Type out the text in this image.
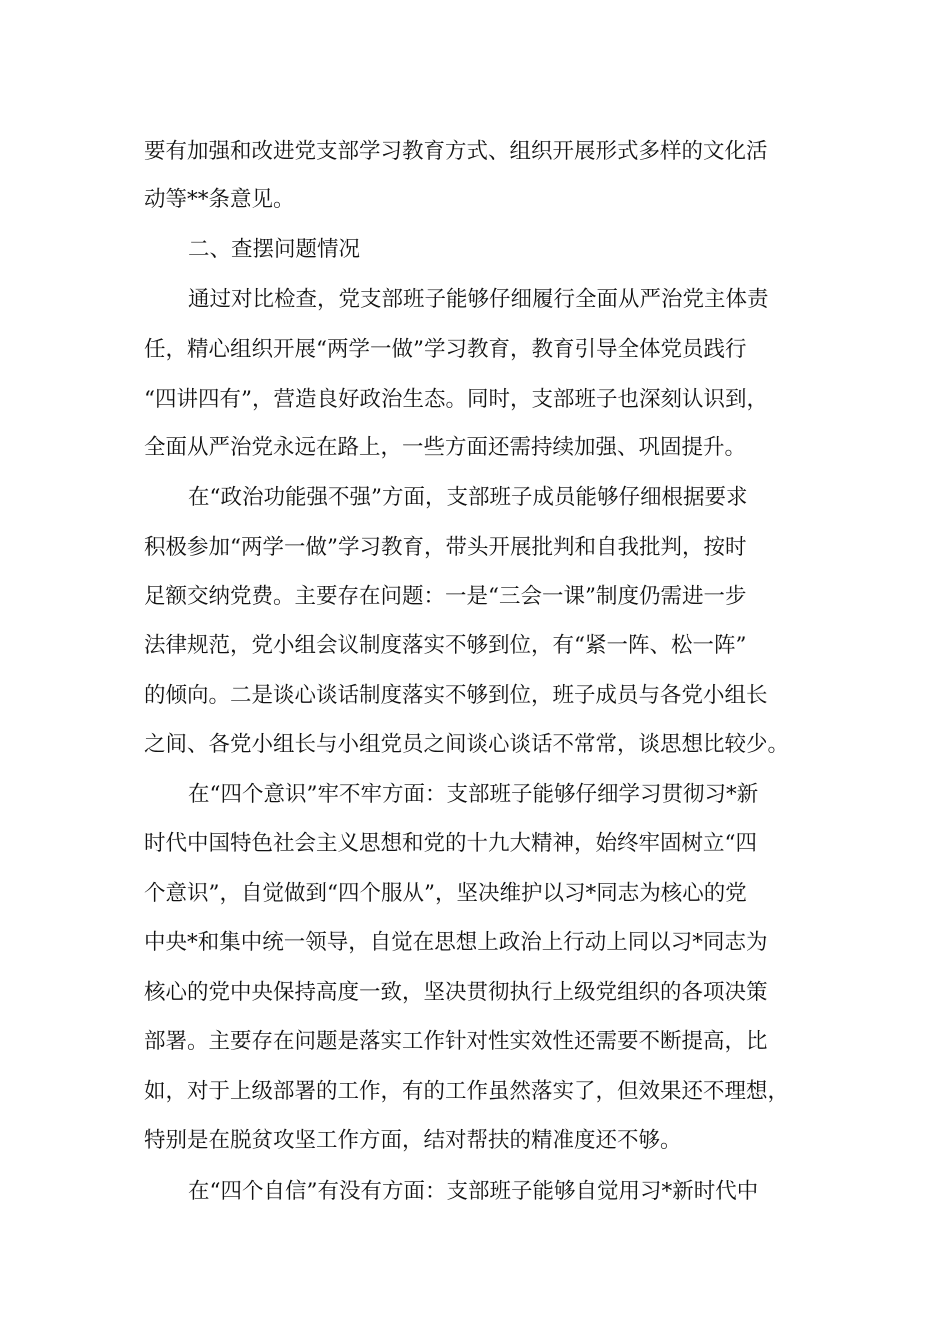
要有加强和改进党支部学习教育方式、组织开展形式多样的文化活
动等**条意见。
二、查摆问题情况
通过对比检查，党支部班子能够仔细履行全面从严治党主体责
任，精心组织开展“两学一做”学习教育，教育引导全体党员践行
“四讲四有”，营造良好政治生态。同时，支部班子也深刻认识到，
全面从严治党永远在路上，一些方面还需持续加强、巩固提升。
在“政治功能强不强”方面，支部班子成员能够仔细根据要求
积极参加“两学一做”学习教育，带头开展批判和自我批判，按时
足额交纳党费。主要存在问题：一是“三会一课”制度仍需进一步
法律规范，党小组会议制度落实不够到位，有“紧一阵、松一阵”
的倾向。二是谈心谈话制度落实不够到位，班子成员与各党小组长
之间、各党小组长与小组党员之间谈心谈话不常常，谈思想比较少。
在“四个意识”牢不牢方面：支部班子能够仔细学习贯彻习*新
时代中国特色社会主义思想和党的十九大精神，始终牢固树立“四
个意识”，自觉做到“四个服从”，坚决维护以习*同志为核心的党
中央*和集中统一领导，自觉在思想上政治上行动上同以习*同志为
核心的党中央保持高度一致，坚决贯彻执行上级党组织的各项决策
部署。主要存在问题是落实工作针对性实效性还需要不断提高，比
如，对于上级部署的工作，有的工作虽然落实了，但效果还不理想，
特别是在脱贫攻坚工作方面，结对帮扶的精准度还不够。
在“四个自信”有没有方面：支部班子能够自觉用习*新时代中
